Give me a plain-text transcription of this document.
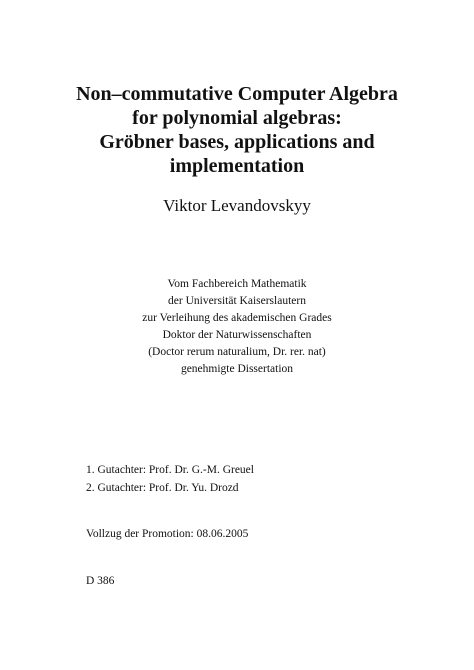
Non–commutative Computer Algebra
for polynomial algebras:
Gröbner bases, applications and
implementation
Viktor Levandovskyy
Vom Fachbereich Mathematik
der Universität Kaiserslautern
zur Verleihung des akademischen Grades
Doktor der Naturwissenschaften
(Doctor rerum naturalium, Dr. rer. nat)
genehmigte Dissertation
1. Gutachter: Prof. Dr. G.-M. Greuel
2. Gutachter: Prof. Dr. Yu. Drozd
Vollzug der Promotion: 08.06.2005
D 386
